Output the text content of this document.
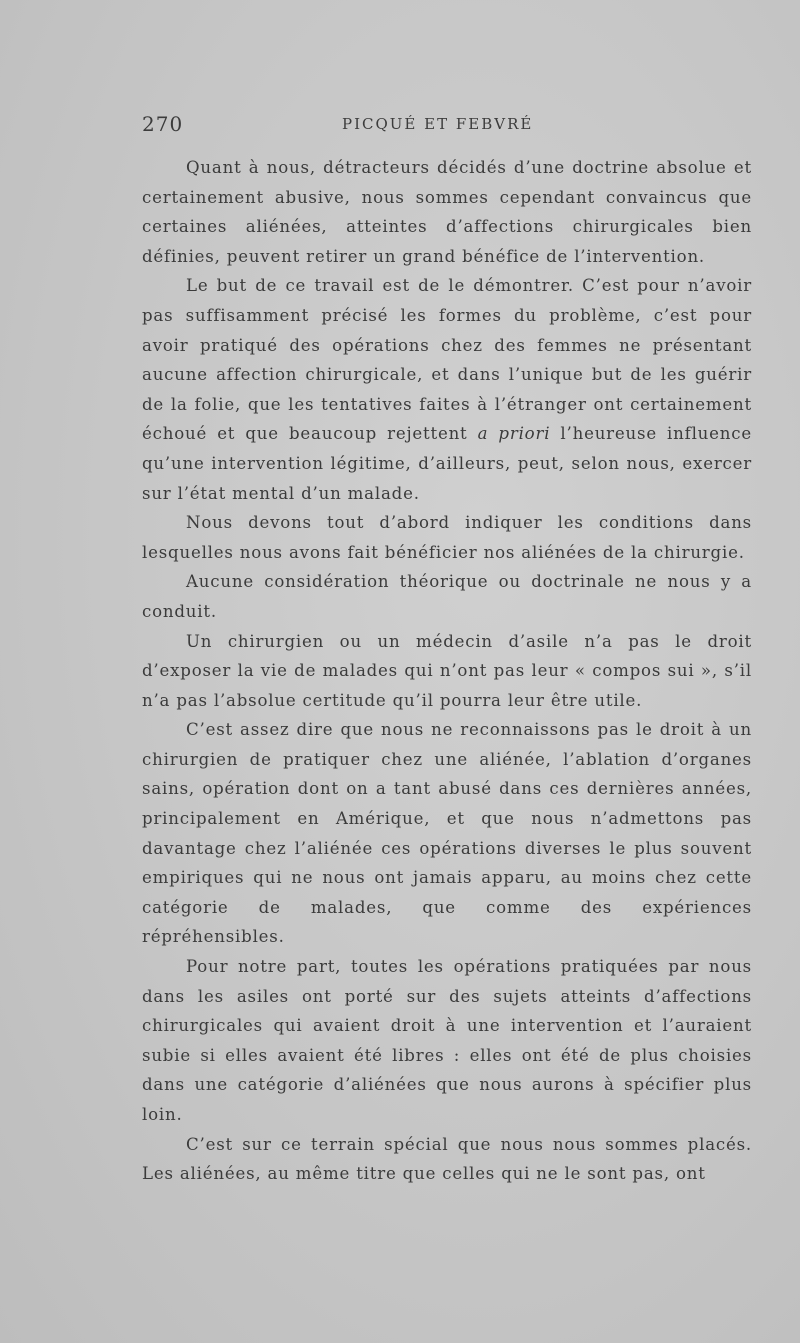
270	PICQUÉ ET FEBVRÉ

Quant à nous, détracteurs décidés d’une doctrine absolue et certainement abusive, nous sommes cependant convaincus que certaines aliénées, atteintes d’affections chirurgicales bien définies, peuvent retirer un grand bénéfice de l’intervention.

Le but de ce travail est de le démontrer. C’est pour n’avoir pas suffisamment précisé les formes du problème, c’est pour avoir pratiqué des opérations chez des femmes ne présentant aucune affection chirurgicale, et dans l’unique but de les guérir de la folie, que les tentatives faites à l’étranger ont certainement échoué et que beaucoup rejettent a priori l’heureuse influence qu’une intervention légitime, d’ailleurs, peut, selon nous, exercer sur l’état mental d’un malade.

Nous devons tout d’abord indiquer les conditions dans lesquelles nous avons fait bénéficier nos aliénées de la chirurgie.

Aucune considération théorique ou doctrinale ne nous y a conduit.

Un chirurgien ou un médecin d’asile n’a pas le droit d’exposer la vie de malades qui n’ont pas leur « compos sui », s’il n’a pas l’absolue certitude qu’il pourra leur être utile.

C’est assez dire que nous ne reconnaissons pas le droit à un chirurgien de pratiquer chez une aliénée, l’ablation d’organes sains, opération dont on a tant abusé dans ces dernières années, principalement en Amérique, et que nous n’admettons pas davantage chez l’aliénée ces opérations diverses le plus souvent empiriques qui ne nous ont jamais apparu, au moins chez cette catégorie de malades, que comme des expériences répréhensibles.

Pour notre part, toutes les opérations pratiquées par nous dans les asiles ont porté sur des sujets atteints d’affections chirurgicales qui avaient droit à une intervention et l’auraient subie si elles avaient été libres : elles ont été de plus choisies dans une catégorie d’aliénées que nous aurons à spécifier plus loin.

C’est sur ce terrain spécial que nous nous sommes placés. Les aliénées, au même titre que celles qui ne le sont pas, ont
